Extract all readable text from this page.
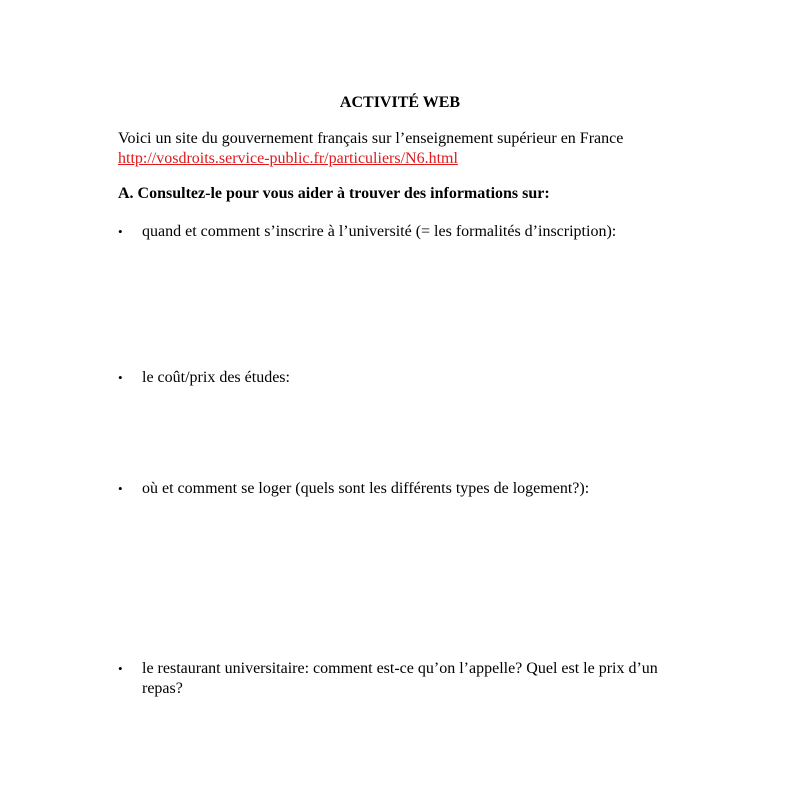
ACTIVITÉ WEB
Voici un site du gouvernement français sur l’enseignement supérieur en France
http://vosdroits.service-public.fr/particuliers/N6.html
A. Consultez-le pour vous aider à trouver des informations sur:
•	quand et comment s’inscrire à l’université (= les formalités d’inscription):
•	le coût/prix des études:
•	où et comment se loger (quels sont les différents types de logement?):
•	le restaurant universitaire: comment est-ce qu’on l’appelle? Quel est le prix d’un repas?
